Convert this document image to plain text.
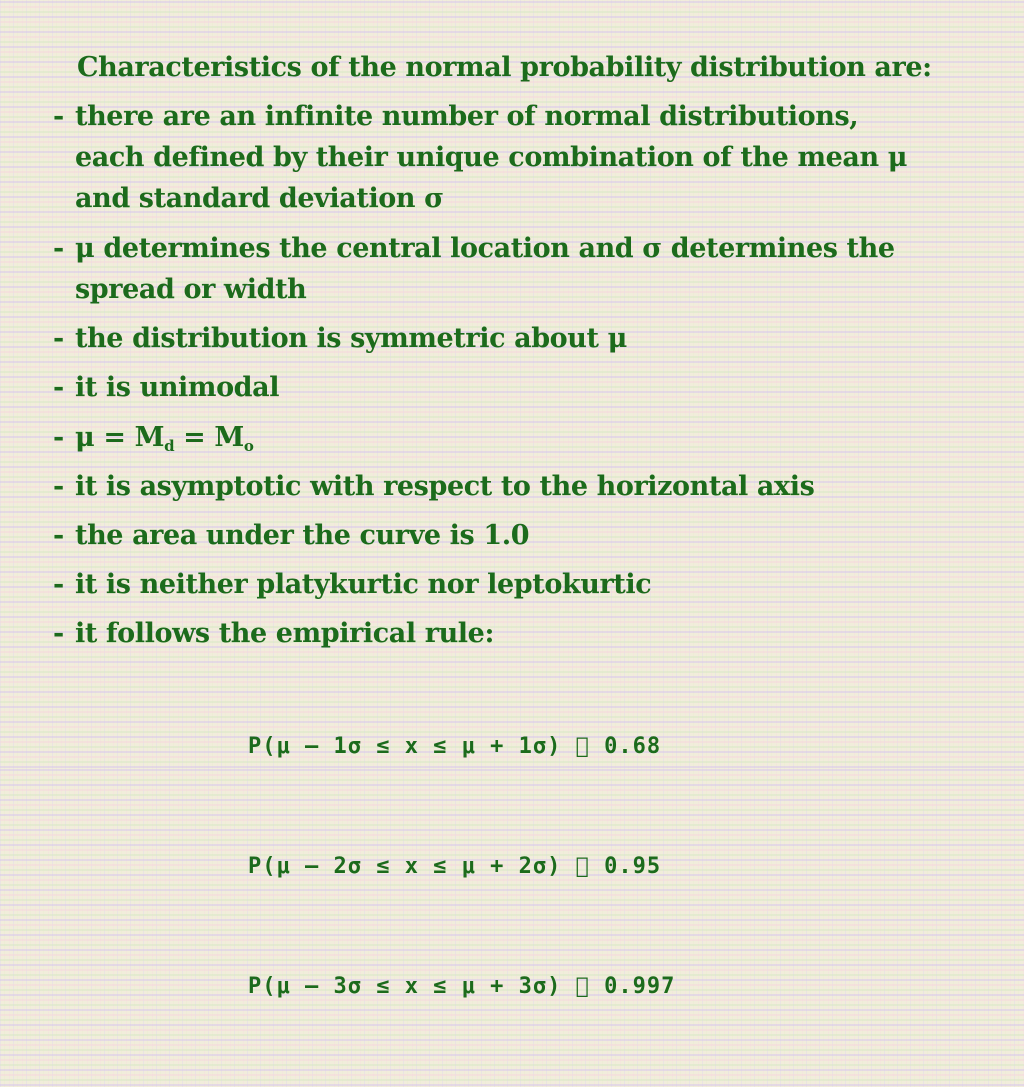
Characteristics of the normal probability distribution are:
- there are an infinite number of normal distributions,
each defined by their unique combination of the mean μ
and standard deviation σ
- μ determines the central location and σ determines the
spread or width
- the distribution is symmetric about μ
- it is unimodal
- $\mu = M_d = M_o$
- it is asymptotic with respect to the horizontal axis
- the area under the curve is 1.0
- it is neither platykurtic nor leptokurtic
- it follows the empirical rule:

P(μ – 1σ ≤ x ≤ μ + 1σ)   0.68

P(μ – 2σ ≤ x ≤ μ + 2σ)   0.95

P(μ – 3σ ≤ x ≤ μ + 3σ)   0.997
